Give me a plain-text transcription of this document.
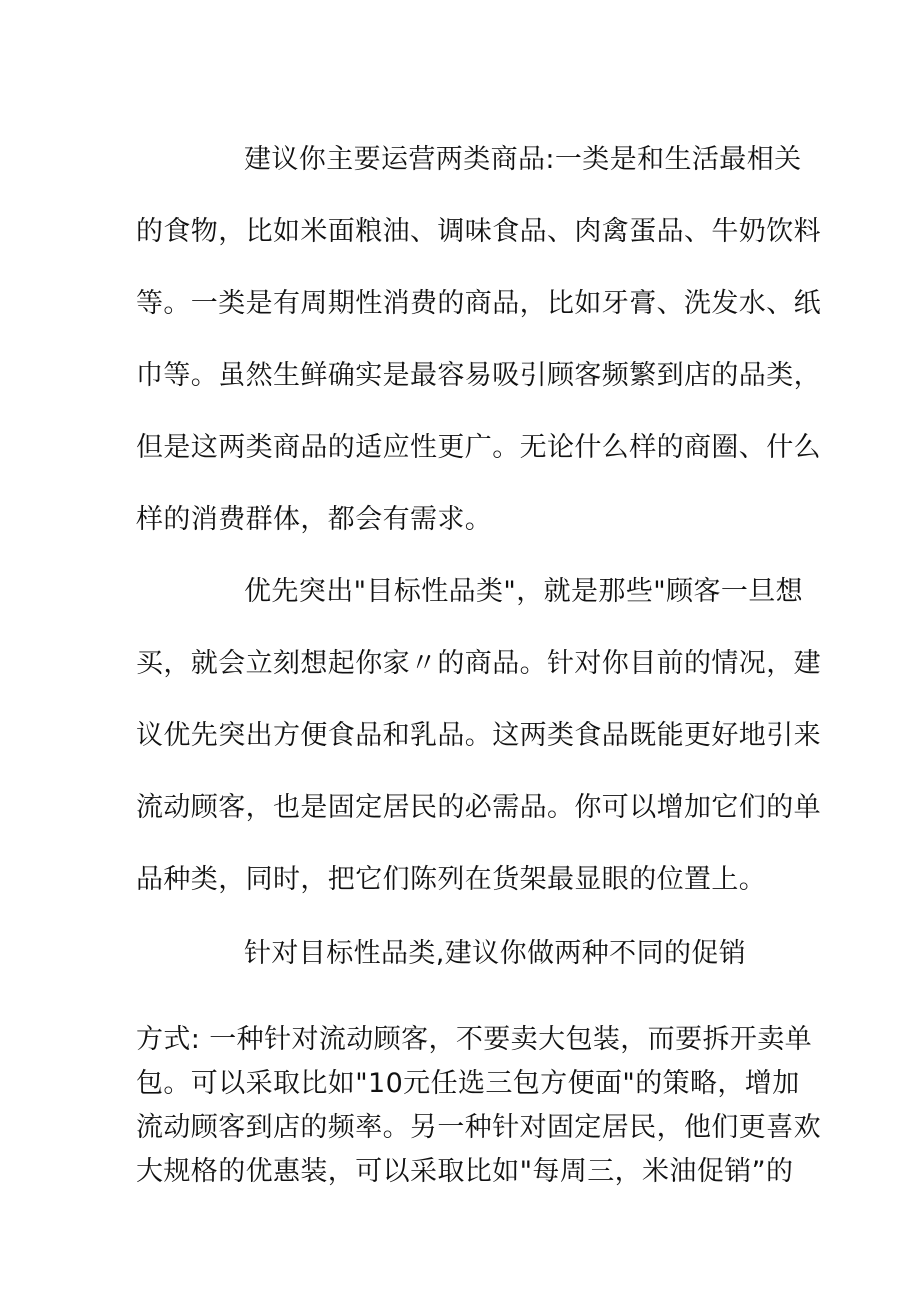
建议你主要运营两类商品:一类是和生活最相关
的食物，比如米面粮油、调味食品、肉禽蛋品、牛奶饮料
等。一类是有周期性消费的商品，比如牙膏、洗发水、纸
巾等。虽然生鲜确实是最容易吸引顾客频繁到店的品类，
但是这两类商品的适应性更广。无论什么样的商圈、什么
样的消费群体，都会有需求。
优先突出"目标性品类"，就是那些"顾客一旦想
买，就会立刻想起你家〃的商品。针对你目前的情况，建
议优先突出方便食品和乳品。这两类食品既能更好地引来
流动顾客，也是固定居民的必需品。你可以增加它们的单
品种类，同时，把它们陈列在货架最显眼的位置上。
针对目标性品类,建议你做两种不同的促销
方式: 一种针对流动顾客，不要卖大包装，而要拆开卖单
包。可以采取比如"10元任选三包方便面"的策略，增加
流动顾客到店的频率。另一种针对固定居民，他们更喜欢
大规格的优惠装，可以采取比如"每周三，米油促销”的
